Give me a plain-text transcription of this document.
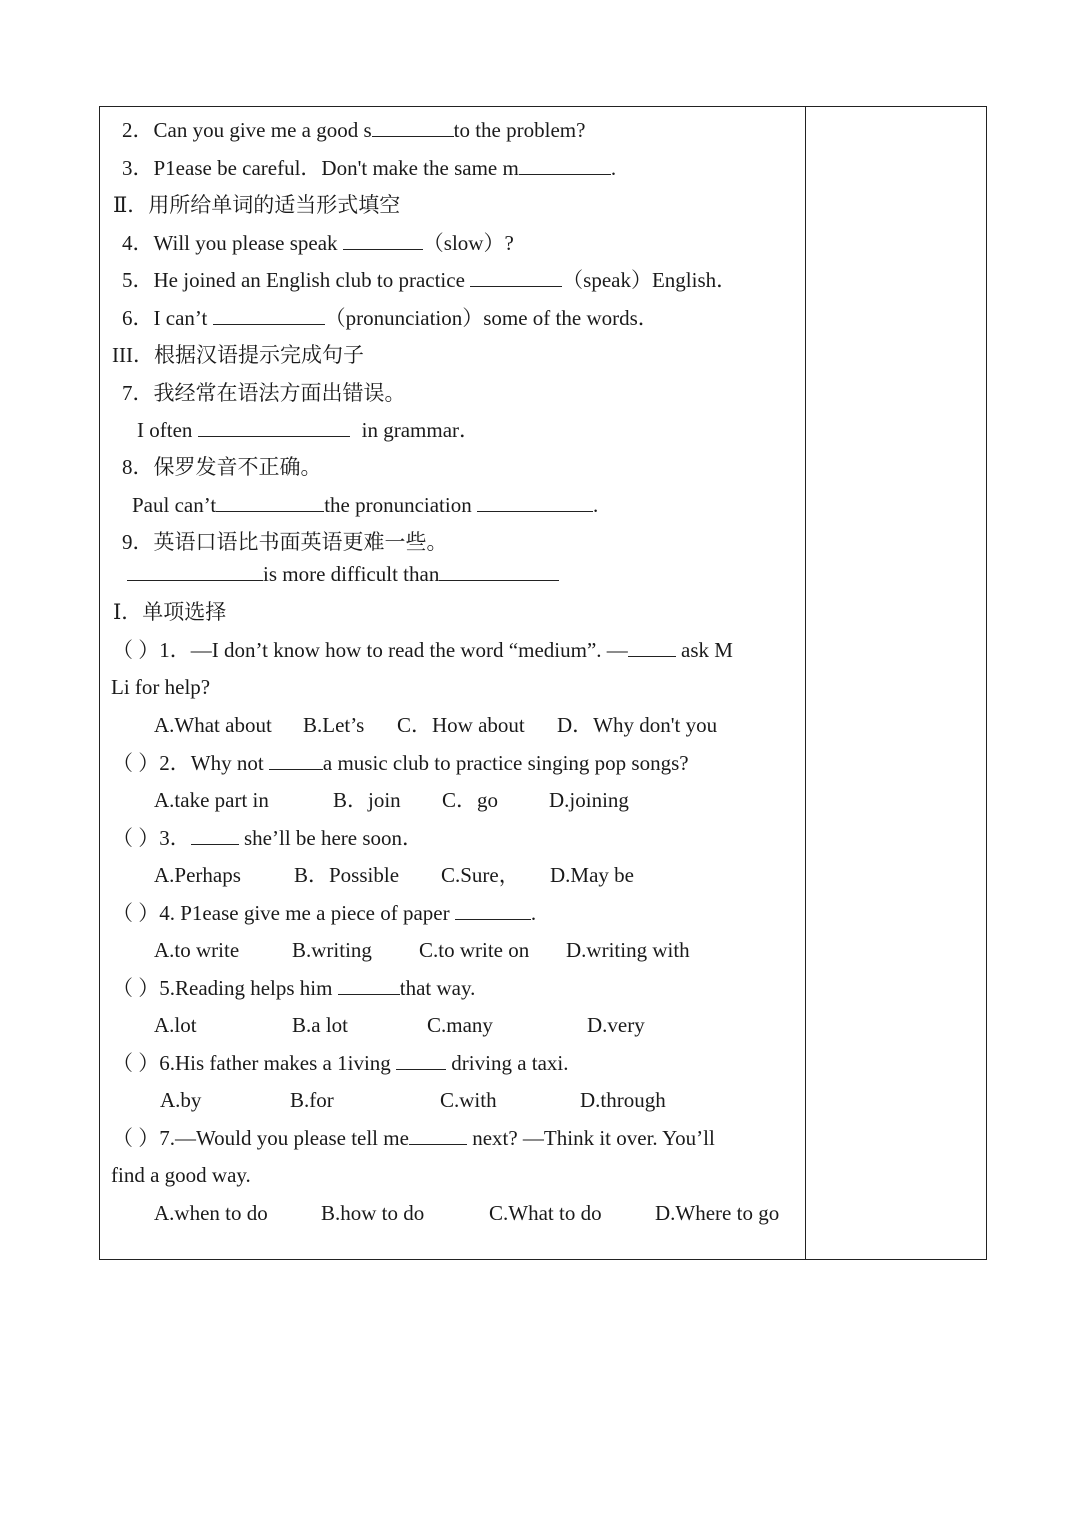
2．Can you give me a good s	to the problem?
3．P1ease be careful．Don't make the same m	.
Ⅱ．用所给单词的适当形式填空
4．Will you please speak	（slow）?
5．He joined an English club to practice	（speak）English．
6．I can’t	（pronunciation）some of the words．
III．根据汉语提示完成句子
7．我经常在语法方面出错误。
I often	in grammar．
8．保罗发音不正确。
Paul can’t	the pronunciation	.
9．英语口语比书面英语更难一些。
is more difficult than
Ⅰ．单项选择
（ ）1．—I don’t know how to read the word “medium”. — ask M
Li for help?
A.What about B.Let’s C．How about D．Why don't you
（ ）2．Why not	a music club to practice singing pop songs?
A.take part in	B．join C．go D.joining
（ ）3． she’ll be here soon．
A.Perhaps	B．Possible C.Sure， D.May be
（ ）4. P1ease give me a piece of paper	.
A.to write	B.writing C.to write on D.writing with
（ ）5.Reading helps him	that way.
A.lot	B.a lot	C.many	D.very
（ ）6.His father makes a 1iving  driving a taxi.
A.by	B.for	C.with	D.through
（ ）7.—Would you please tell me	next? —Think it over. You’ll
find a good way.
A.when to do	B.how to do	C.What to do	D.Where to go
